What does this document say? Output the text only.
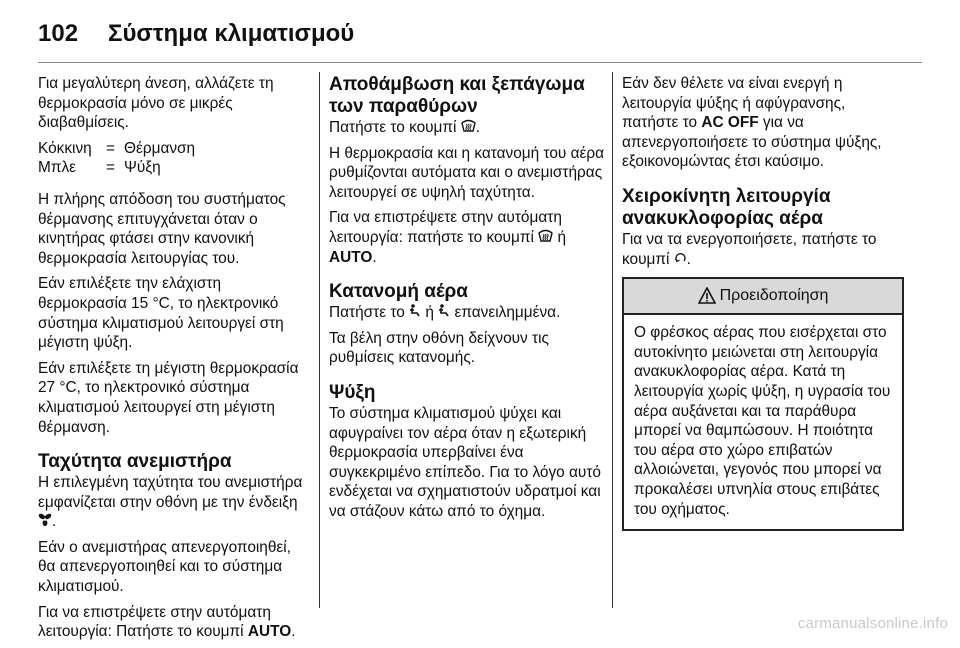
102 Σύστημα κλιματισμού

Για μεγαλύτερη άνεση, αλλάζετε τη θερμοκρασία μόνο σε μικρές διαβαθμίσεις.

Κόκκινη = Θέρμανση
Μπλε	= Ψύξη

Η πλήρης απόδοση του συστήματος θέρμανσης επιτυγχάνεται όταν ο κινητήρας φτάσει στην κανονική θερμοκρασία λειτουργίας του.

Εάν επιλέξετε την ελάχιστη θερμοκρασία 15 °C, το ηλεκτρονικό σύστημα κλιματισμού λειτουργεί στη μέγιστη ψύξη.

Εάν επιλέξετε τη μέγιστη θερμοκρασία 27 °C, το ηλεκτρονικό σύστημα κλιματισμού λειτουργεί στη μέγιστη θέρμανση.

Ταχύτητα ανεμιστήρα

Η επιλεγμένη ταχύτητα του ανεμιστήρα εμφανίζεται στην οθόνη με την ένδειξη .

Εάν ο ανεμιστήρας απενεργοποιηθεί, θα απενεργοποιηθεί και το σύστημα κλιματισμού.

Για να επιστρέψετε στην αυτόματη λειτουργία: Πατήστε το κουμπί AUTO.

Αποθάμβωση και ξεπάγωμα των παραθύρων

Πατήστε το κουμπί .

Η θερμοκρασία και η κατανομή του αέρα ρυθμίζονται αυτόματα και ο ανεμιστήρας λειτουργεί σε υψηλή ταχύτητα.

Για να επιστρέψετε στην αυτόματη λειτουργία: πατήστε το κουμπί ή
AUTO.

Κατανομή αέρα

Πατήστε το ή επανειλημμένα.

Τα βέλη στην οθόνη δείχνουν τις ρυθμίσεις κατανομής.

Ψύξη

Το σύστημα κλιματισμού ψύχει και αφυγραίνει τον αέρα όταν η εξωτερική θερμοκρασία υπερβαίνει ένα συγκεκριμένο επίπεδο. Για το λόγο αυτό ενδέχεται να σχηματιστούν υδρατμοί και να στάζουν κάτω από το όχημα.

Εάν δεν θέλετε να είναι ενεργή η λειτουργία ψύξης ή αφύγρανσης, πατήστε το AC OFF για να απενεργοποιήσετε το σύστημα ψύξης, εξοικονομώντας έτσι καύσιμο.

Χειροκίνητη λειτουργία ανακυκλοφορίας αέρα

Για να τα ενεργοποιήσετε, πατήστε το κουμπί .

Προειδοποίηση
Ο φρέσκος αέρας που εισέρχεται στο αυτοκίνητο μειώνεται στη λειτουργία ανακυκλοφορίας αέρα. Κατά τη λειτουργία χωρίς ψύξη, η υγρασία του αέρα αυξάνεται και τα παράθυρα μπορεί να θαμπώσουν. Η ποιότητα του αέρα στο χώρο επιβατών αλλοιώνεται, γεγονός που μπορεί να προκαλέσει υπνηλία στους επιβάτες του οχήματος.
carmanualsonline.info
